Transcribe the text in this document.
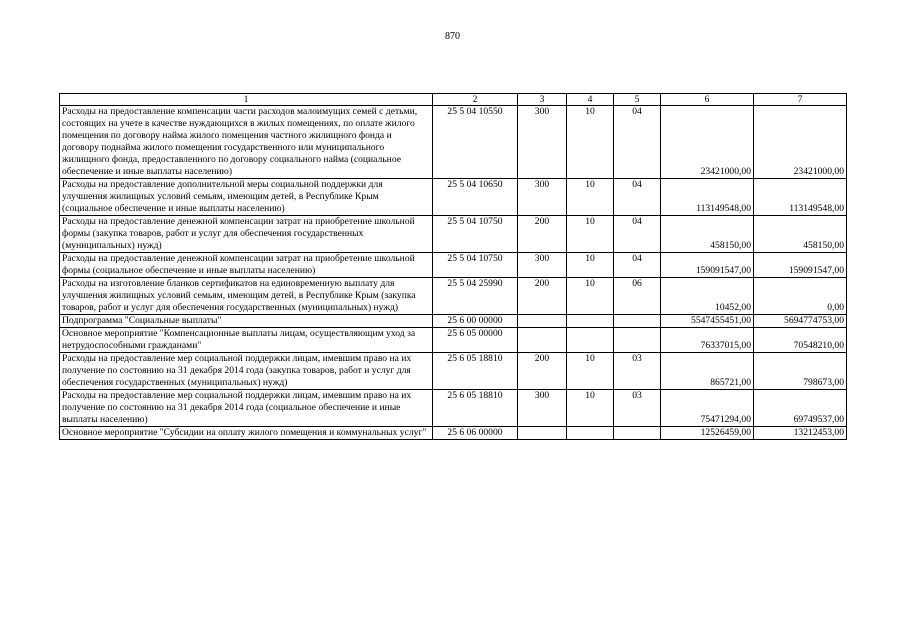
870
1	2	3	4	5	6	7
Расходы на предоставление компенсации части расходов малоимущих семей с детьми, состоящих на учете в качестве нуждающихся в жилых помещениях, по оплате жилого помещения по договору найма жилого помещения частного жилищного фонда и договору поднайма жилого помещения государственного или муниципального жилищного фонда, предоставленного по договору социального найма (социальное обеспечение и иные выплаты населению)	25 5 04 10550	300	10	04	23421000,00	23421000,00
Расходы на предоставление дополнительной меры социальной поддержки для улучшения жилищных условий семьям, имеющим детей, в Республике Крым (социальное обеспечение и иные выплаты населению)	25 5 04 10650	300	10	04	113149548,00	113149548,00
Расходы на предоставление денежной компенсации затрат на приобретение школьной формы (закупка товаров, работ и услуг для обеспечения государственных (муниципальных) нужд)	25 5 04 10750	200	10	04	458150,00	458150,00
Расходы на предоставление денежной компенсации затрат на приобретение школьной формы (социальное обеспечение и иные выплаты населению)	25 5 04 10750	300	10	04	159091547,00	159091547,00
Расходы на изготовление бланков сертификатов на единовременную выплату для улучшения жилищных условий семьям, имеющим детей, в Республике Крым (закупка товаров, работ и услуг для обеспечения государственных (муниципальных) нужд)	25 5 04 25990	200	10	06	10452,00	0,00
Подпрограмма "Социальные выплаты"	25 6 00 00000				5547455451,00	5694774753,00
Основное мероприятие "Компенсационные выплаты лицам, осуществляющим уход за нетрудоспособными гражданами"	25 6 05 00000				76337015,00	70548210,00
Расходы на предоставление мер социальной поддержки лицам, имевшим право на их получение по состоянию на 31 декабря 2014 года (закупка товаров, работ и услуг для обеспечения государственных (муниципальных) нужд)	25 6 05 18810	200	10	03	865721,00	798673,00
Расходы на предоставление мер социальной поддержки лицам, имевшим право на их получение по состоянию на 31 декабря 2014 года (социальное обеспечение и иные выплаты населению)	25 6 05 18810	300	10	03	75471294,00	69749537,00
Основное мероприятие "Субсидии на оплату жилого помещения и коммунальных услуг"	25 6 06 00000				12526459,00	13212453,00
